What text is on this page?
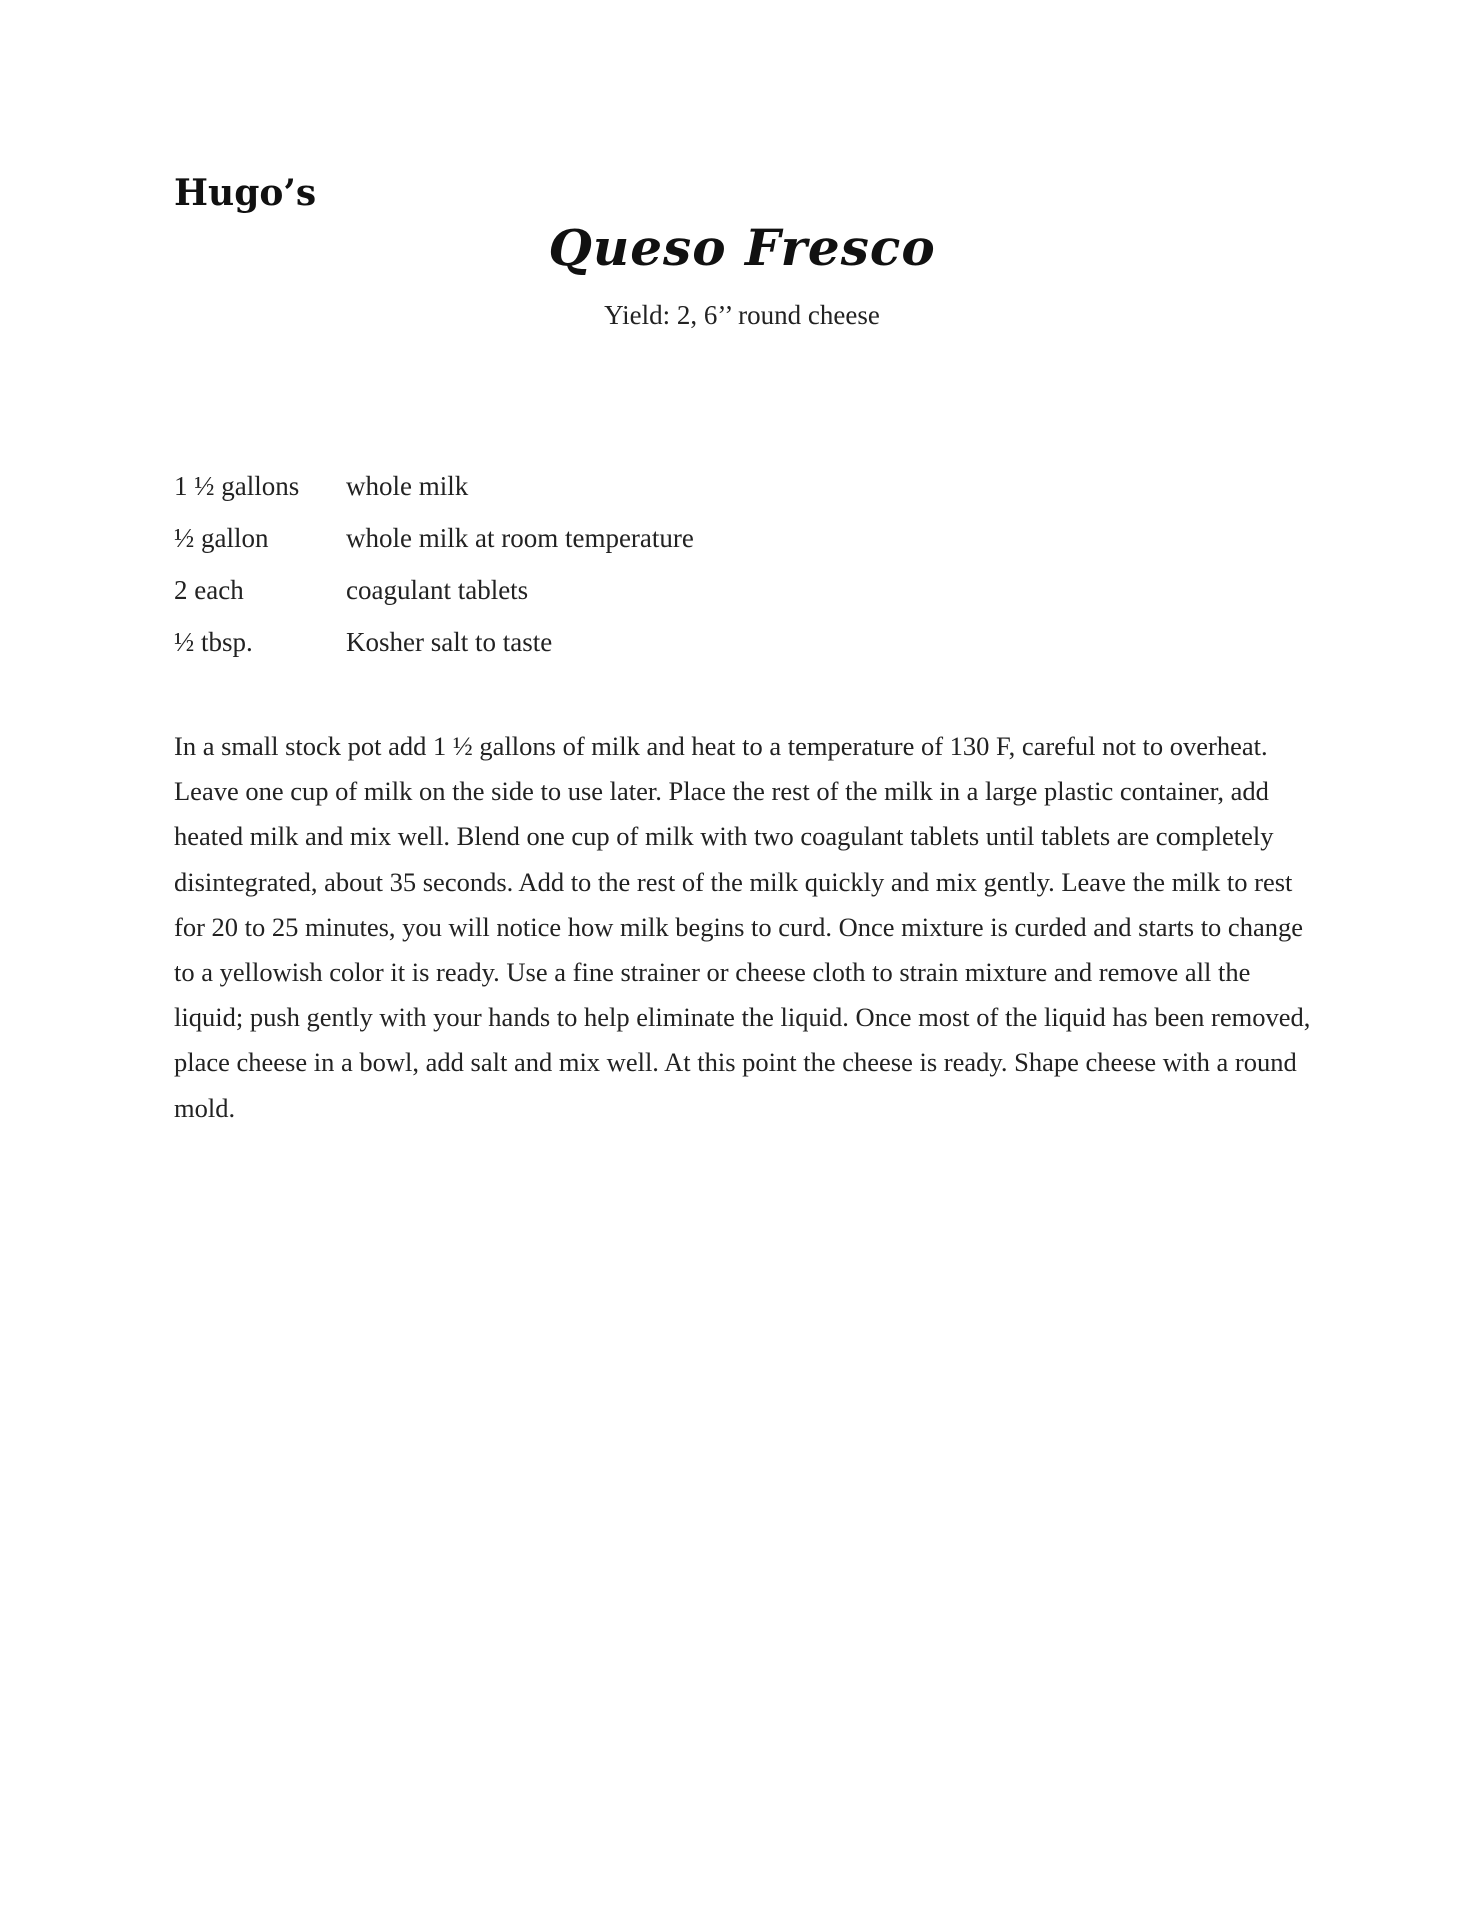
Hugo’s
Queso Fresco

Yield: 2, 6’’ round cheese

1 ½ gallons	whole milk
½ gallon	whole milk at room temperature
2 each	coagulant tablets
½ tbsp.	Kosher salt to taste

In a small stock pot add 1 ½ gallons of milk and heat to a temperature of 130 F, careful not to overheat. Leave one cup of milk on the side to use later. Place the rest of the milk in a large plastic container, add heated milk and mix well. Blend one cup of milk with two coagulant tablets until tablets are completely disintegrated, about 35 seconds. Add to the rest of the milk quickly and mix gently. Leave the milk to rest for 20 to 25 minutes, you will notice how milk begins to curd. Once mixture is curded and starts to change to a yellowish color it is ready. Use a fine strainer or cheese cloth to strain mixture and remove all the liquid; push gently with your hands to help eliminate the liquid. Once most of the liquid has been removed, place cheese in a bowl, add salt and mix well. At this point the cheese is ready. Shape cheese with a round mold.
